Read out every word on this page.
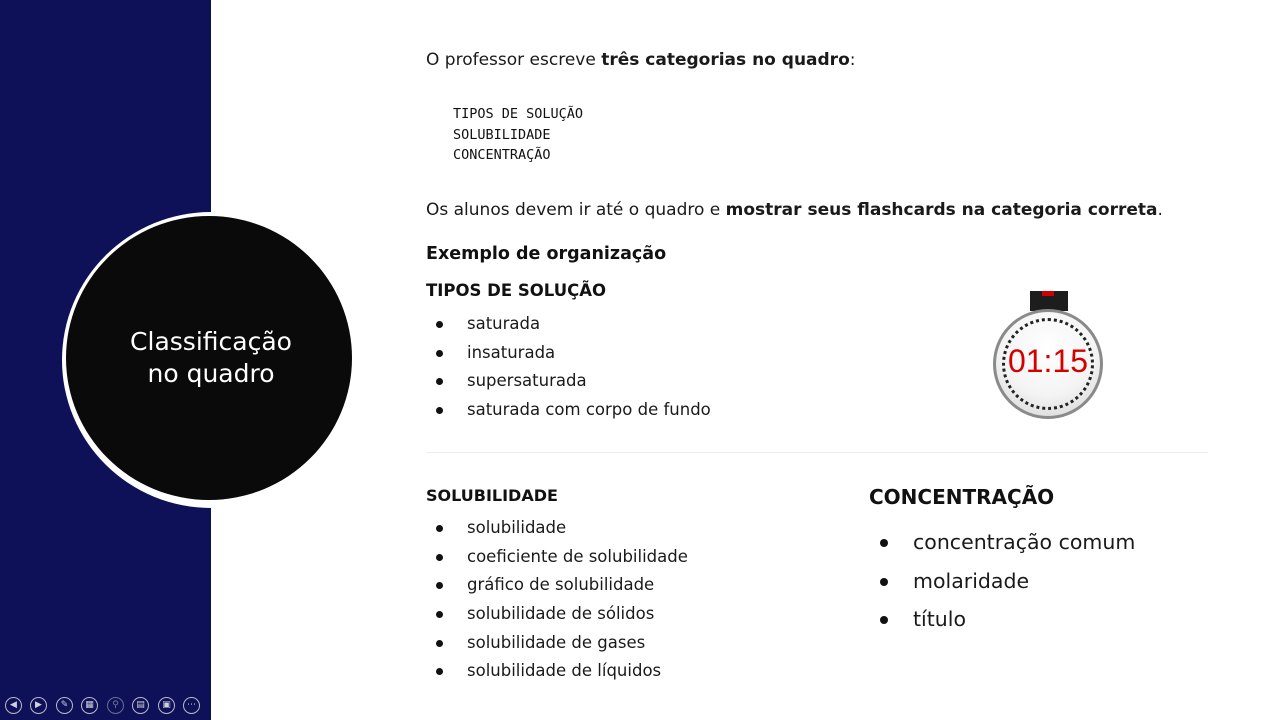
Classificação
no quadro
O professor escreve três categorias no quadro:
TIPOS DE SOLUÇÃO
SOLUBILIDADE
CONCENTRAÇÃO
Os alunos devem ir até o quadro e mostrar seus flashcards na categoria correta.
Exemplo de organização
TIPOS DE SOLUÇÃO
saturada
insaturada
supersaturada
saturada com corpo de fundo
01:15
SOLUBILIDADE
solubilidade
coeficiente de solubilidade
gráfico de solubilidade
solubilidade de sólidos
solubilidade de gases
solubilidade de líquidos
CONCENTRAÇÃO
concentração comum
molaridade
título
◀	▶	✎	▦	⚲	▤	▣	⋯
